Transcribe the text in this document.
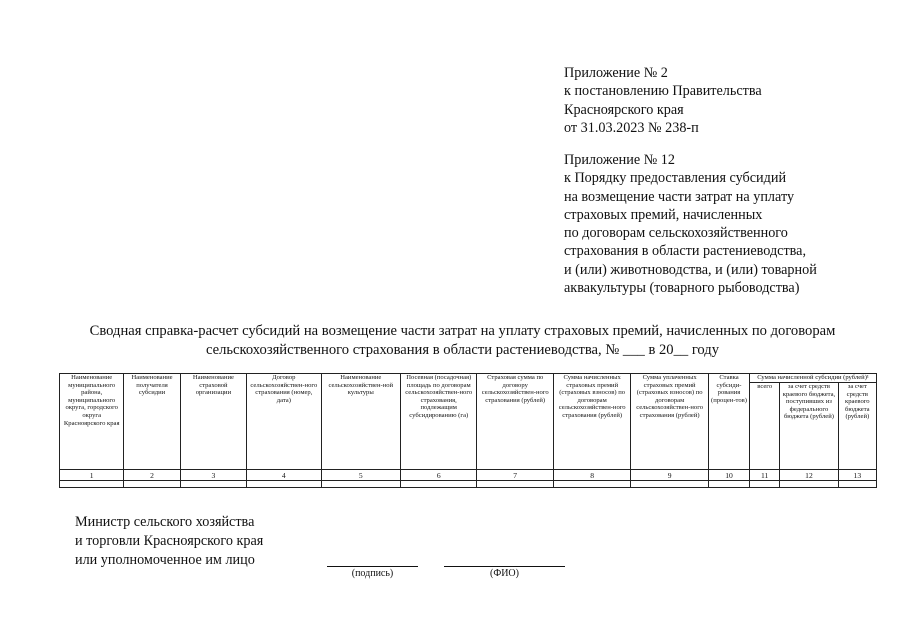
Приложение № 2
к постановлению Правительства
Красноярского края
от 31.03.2023 № 238-п
Приложение № 12
к Порядку предоставления субсидий
на возмещение части затрат на уплату
страховых премий, начисленных
по договорам сельскохозяйственного
страхования в области растениеводства,
и (или) животноводства, и (или) товарной
аквакультуры (товарного рыбоводства)
Сводная справка-расчет субсидий на возмещение части затрат на уплату страховых премий, начисленных по договорам
сельскохозяйственного страхования в области растениеводства, № ___ в 20__ году
Наименование муниципального района, муниципального округа, городского округа Красноярского края	Наименование получателя субсидии	Наименование страховой организации	Договор сельскохозяйствен-ного страхования (номер, дата)	Наименование сельскохозяйствен-ной культуры	Посевная (посадочная) площадь по договорам сельскохозяйствен-ного страхования, подлежащим субсидированию (га)	Страховая сумма по договору сельскохозяйствен-ного страхования (рублей)	Сумма начисленных страховых премий (страховых взносов) по договорам сельскохозяйствен-ного страхования (рублей)	Сумма уплаченных страховых премий (страховых взносов) по договорам сельскохозяйствен-ного страхования (рублей)	Ставка субсиди-рования (процен-тов)	Сумма начисленной субсидии (рублей)¹		
										всего	за счет средств краевого бюджета, поступивших из федерального бюджета (рублей)	за счет средств краевого бюджета (рублей)
1	2	3	4	5	6	7	8	9	10	11	12	13

Министр сельского хозяйства
и торговли Красноярского края
или уполномоченное им лицо
(подпись)	(ФИО)
